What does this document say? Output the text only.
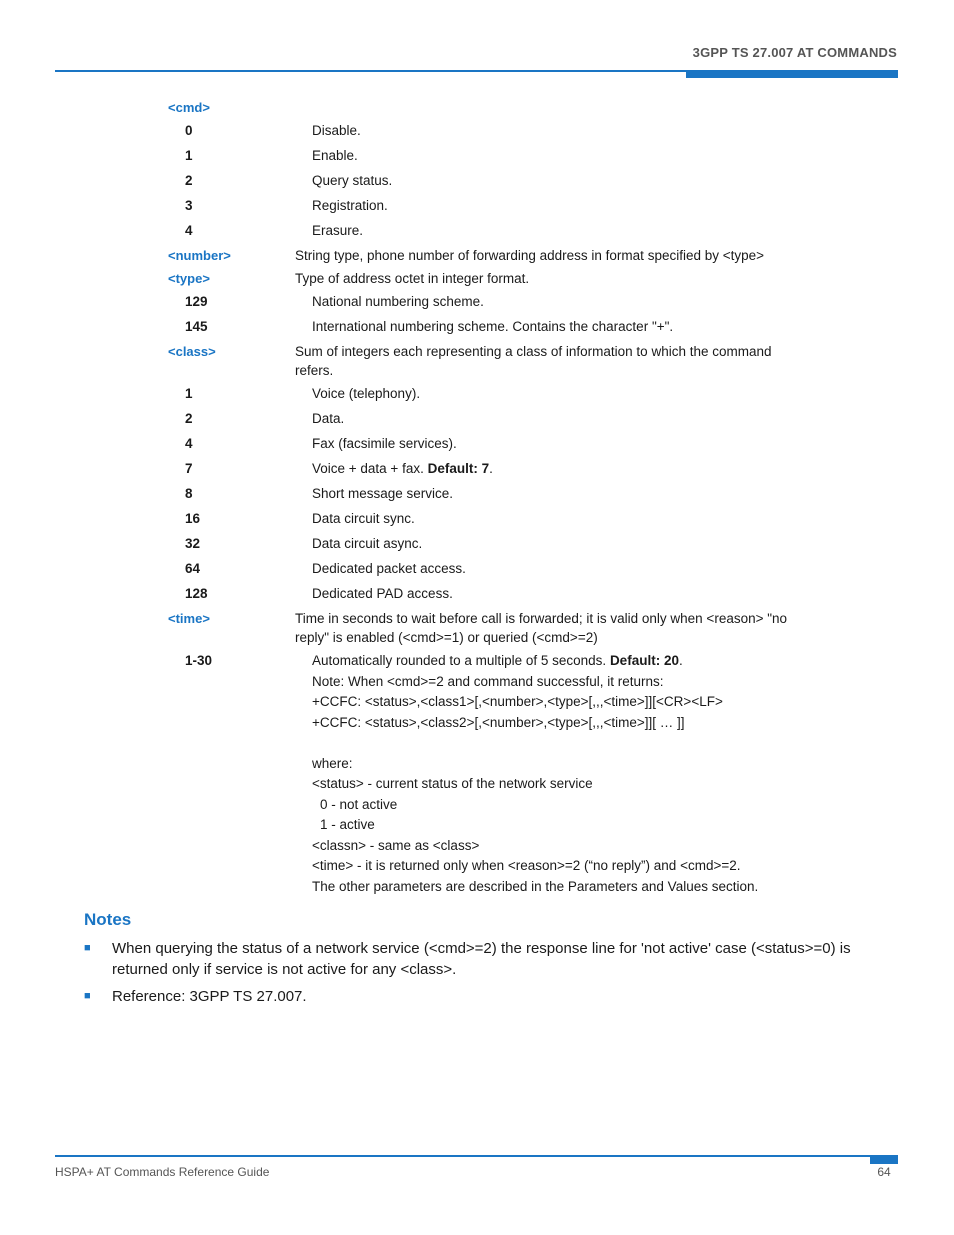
3GPP TS 27.007 AT COMMANDS
<cmd>
0	Disable.
1	Enable.
2	Query status.
3	Registration.
4	Erasure.
<number>	String type, phone number of forwarding address in format specified by <type>
<type>	Type of address octet in integer format.
129	National numbering scheme.
145	International numbering scheme. Contains the character "+".
<class>	Sum of integers each representing a class of information to which the command refers.
1	Voice (telephony).
2	Data.
4	Fax (facsimile services).
7	Voice + data + fax. Default: 7.
8	Short message service.
16	Data circuit sync.
32	Data circuit async.
64	Dedicated packet access.
128	Dedicated PAD access.
<time>	Time in seconds to wait before call is forwarded; it is valid only when <reason> "no reply" is enabled (<cmd>=1) or queried (<cmd>=2)
1-30	Automatically rounded to a multiple of 5 seconds. Default: 20.
Note: When <cmd>=2 and command successful, it returns:
+CCFC: <status>,<class1>[,<number>,<type>[,,,<time>]][<CR><LF>
+CCFC: <status>,<class2>[,<number>,<type>[,,,<time>]][ … ]]
where:
<status> - current status of the network service
0 - not active
1 - active
<classn> - same as <class>
<time> - it is returned only when <reason>=2 (“no reply”) and <cmd>=2.
The other parameters are described in the Parameters and Values section.
Notes
■	When querying the status of a network service (<cmd>=2) the response line for 'not active' case (<status>=0) is returned only if service is not active for any <class>.
■	Reference: 3GPP TS 27.007.
HSPA+ AT Commands Reference Guide	64
